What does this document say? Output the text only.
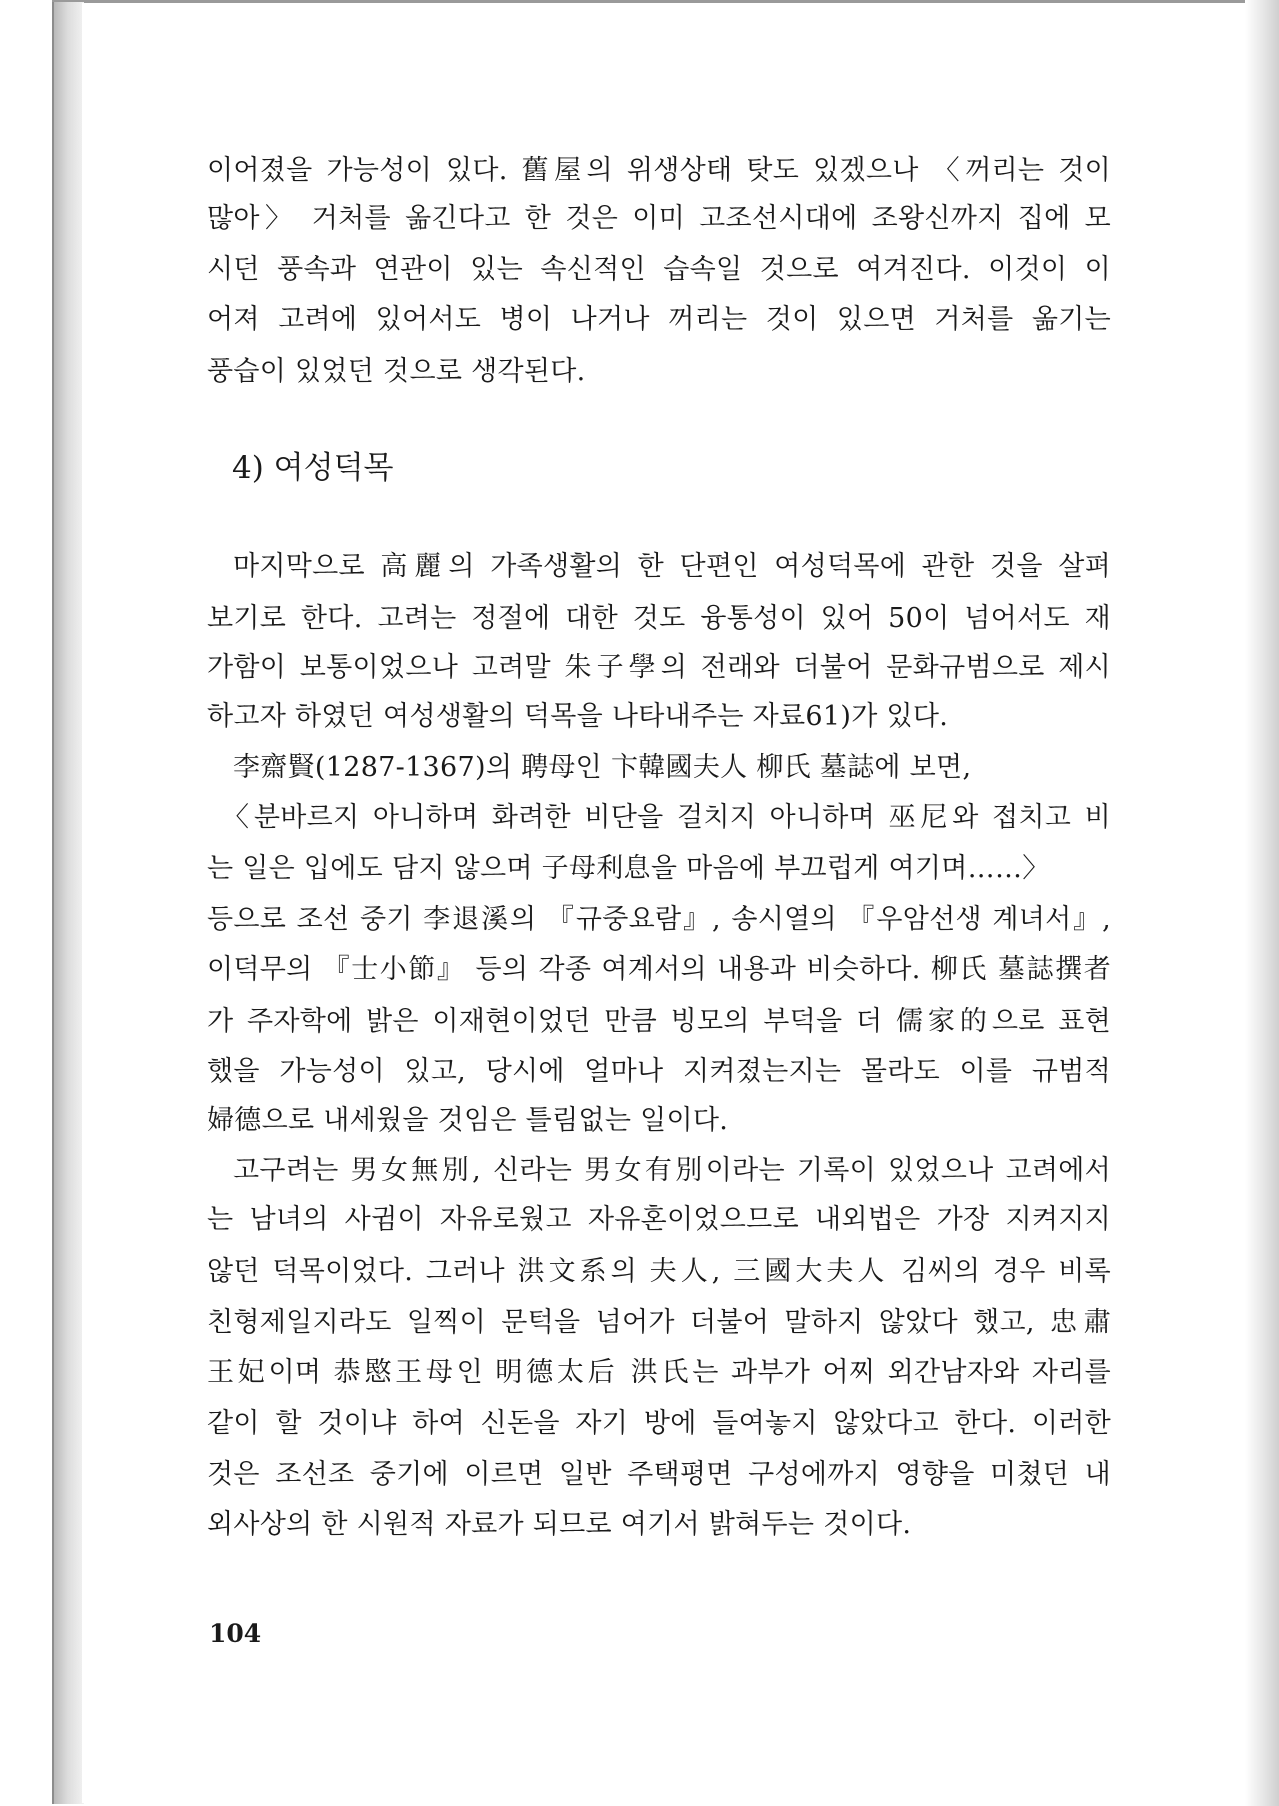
이어졌을 가능성이 있다. 舊屋의 위생상태 탓도 있겠으나 〈꺼리는 것이
많아〉 거처를 옮긴다고 한 것은 이미 고조선시대에 조왕신까지 집에 모
시던 풍속과 연관이 있는 속신적인 습속일 것으로 여겨진다. 이것이 이
어져 고려에 있어서도 병이 나거나 꺼리는 것이 있으면 거처를 옮기는
풍습이 있었던 것으로 생각된다.
4) 여성덕목
마지막으로 高麗의 가족생활의 한 단편인 여성덕목에 관한 것을 살펴
보기로 한다. 고려는 정절에 대한 것도 융통성이 있어 50이 넘어서도 재
가함이 보통이었으나 고려말 朱子學의 전래와 더불어 문화규범으로 제시
하고자 하였던 여성생활의 덕목을 나타내주는 자료61)가 있다.
李齋賢(1287-1367)의 聘母인 卞韓國夫人 柳氏 墓誌에 보면,
〈분바르지 아니하며 화려한 비단을 걸치지 아니하며 巫尼와 접치고 비
는 일은 입에도 담지 않으며 子母利息을 마음에 부끄럽게 여기며……〉
등으로 조선 중기 李退溪의 『규중요람』, 송시열의 『우암선생 계녀서』,
이덕무의 『士小節』 등의 각종 여계서의 내용과 비슷하다. 柳氏 墓誌撰者
가 주자학에 밝은 이재현이었던 만큼 빙모의 부덕을 더 儒家的으로 표현
했을 가능성이 있고, 당시에 얼마나 지켜졌는지는 몰라도 이를 규범적
婦德으로 내세웠을 것임은 틀림없는 일이다.
고구려는 男女無別, 신라는 男女有別이라는 기록이 있었으나 고려에서
는 남녀의 사귐이 자유로웠고 자유혼이었으므로 내외법은 가장 지켜지지
않던 덕목이었다. 그러나 洪文系의 夫人, 三國大夫人 김씨의 경우 비록
친형제일지라도 일찍이 문턱을 넘어가 더불어 말하지 않았다 했고, 忠肅
王妃이며 恭愍王母인 明德太后 洪氏는 과부가 어찌 외간남자와 자리를
같이 할 것이냐 하여 신돈을 자기 방에 들여놓지 않았다고 한다. 이러한
것은 조선조 중기에 이르면 일반 주택평면 구성에까지 영향을 미쳤던 내
외사상의 한 시원적 자료가 되므로 여기서 밝혀두는 것이다.
104
